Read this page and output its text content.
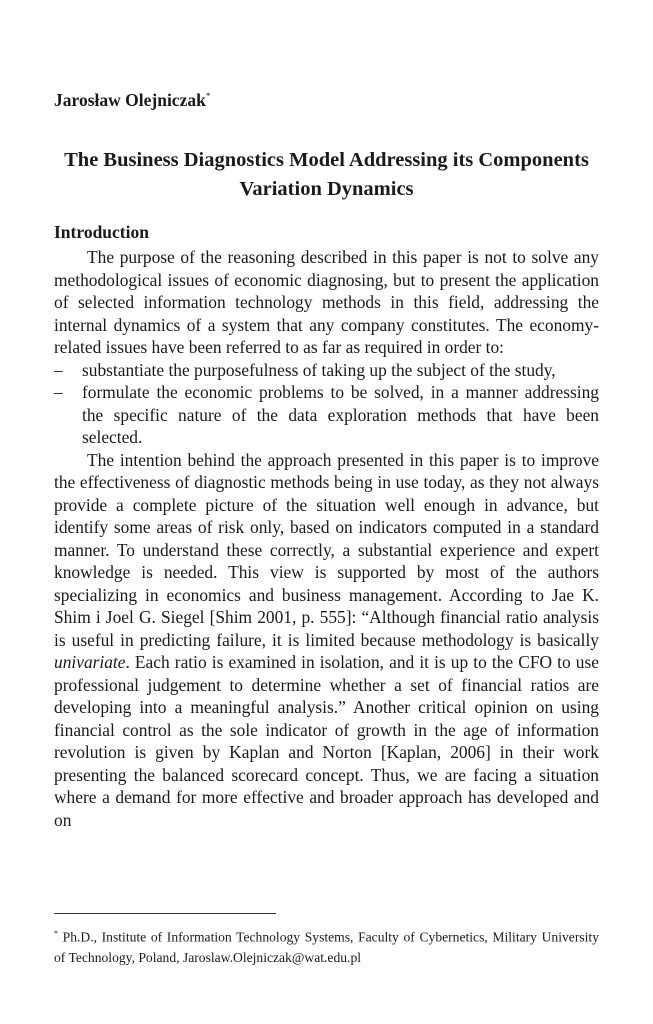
Jarosław Olejniczak*
The Business Diagnostics Model Addressing its Components Variation Dynamics
Introduction

The purpose of the reasoning described in this paper is not to solve any methodological issues of economic diagnosing, but to present the application of selected information technology methods in this field, addressing the internal dynamics of a system that any company constitutes. The economy-related issues have been referred to as far as required in order to:

– substantiate the purposefulness of taking up the subject of the study,
– formulate the economic problems to be solved, in a manner addressing the specific nature of the data exploration methods that have been selected.

The intention behind the approach presented in this paper is to improve the effectiveness of diagnostic methods being in use today, as they not always provide a complete picture of the situation well enough in advance, but identify some areas of risk only, based on indicators computed in a standard manner. To understand these correctly, a substantial experience and expert knowledge is needed. This view is supported by most of the authors specializing in economics and business management. According to Jae K. Shim i Joel G. Siegel [Shim 2001, p. 555]: “Although financial ratio analysis is useful in predicting failure, it is limited because methodology is basically univariate. Each ratio is examined in isolation, and it is up to the CFO to use professional judgement to determine whether a set of financial ratios are developing into a meaningful analysis.” Another critical opinion on using financial control as the sole indicator of growth in the age of information revolution is given by Kaplan and Norton [Kaplan, 2006] in their work presenting the balanced scorecard concept. Thus, we are facing a situation where a demand for more effective and broader approach has developed and on

* Ph.D., Institute of Information Technology Systems, Faculty of Cybernetics, Military University of Technology, Poland, Jaroslaw.Olejniczak@wat.edu.pl
